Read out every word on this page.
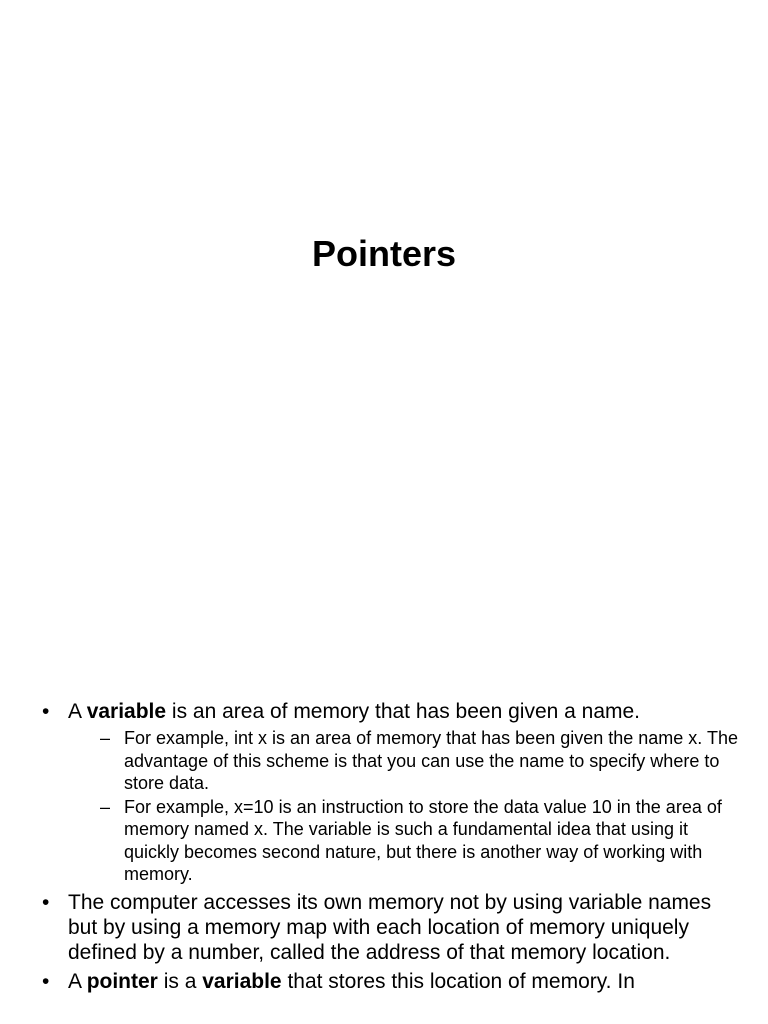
Pointers
• A variable is an area of memory that has been given a name.
– For example, int x is an area of memory that has been given the name x. The advantage of this scheme is that you can use the name to specify where to store data.
– For example, x=10 is an instruction to store the data value 10 in the area of memory named x. The variable is such a fundamental idea that using it quickly becomes second nature, but there is another way of working with memory.
• The computer accesses its own memory not by using variable names but by using a memory map with each location of memory uniquely defined by a number, called the address of that memory location.
• A pointer is a variable that stores this location of memory. In
